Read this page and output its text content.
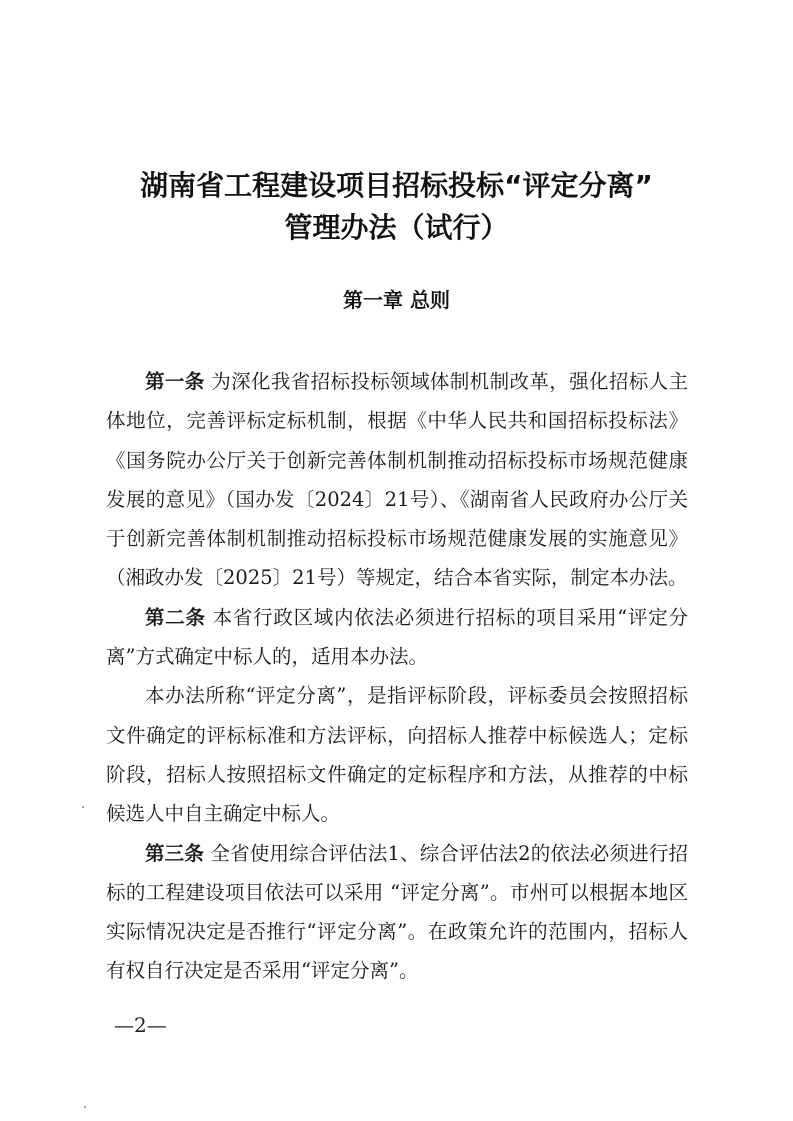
湖南省工程建设项目招标投标“评定分离”
管理办法（试行）
第一章 总则

第一条 为深化我省招标投标领域体制机制改革，强化招标人主体地位，完善评标定标机制，根据《中华人民共和国招标投标法》《国务院办公厅关于创新完善体制机制推动招标投标市场规范健康发展的意见》（国办发〔2024〕21号）、《湖南省人民政府办公厅关于创新完善体制机制推动招标投标市场规范健康发展的实施意见》（湘政办发〔2025〕21号）等规定，结合本省实际，制定本办法。

第二条 本省行政区域内依法必须进行招标的项目采用“评定分离”方式确定中标人的，适用本办法。

本办法所称“评定分离”，是指评标阶段，评标委员会按照招标文件确定的评标标准和方法评标，向招标人推荐中标候选人；定标阶段，招标人按照招标文件确定的定标程序和方法，从推荐的中标候选人中自主确定中标人。

第三条 全省使用综合评估法1、综合评估法2的依法必须进行招标的工程建设项目依法可以采用 “评定分离”。市州可以根据本地区实际情况决定是否推行“评定分离”。在政策允许的范围内，招标人有权自行决定是否采用“评定分离”。

—2—
